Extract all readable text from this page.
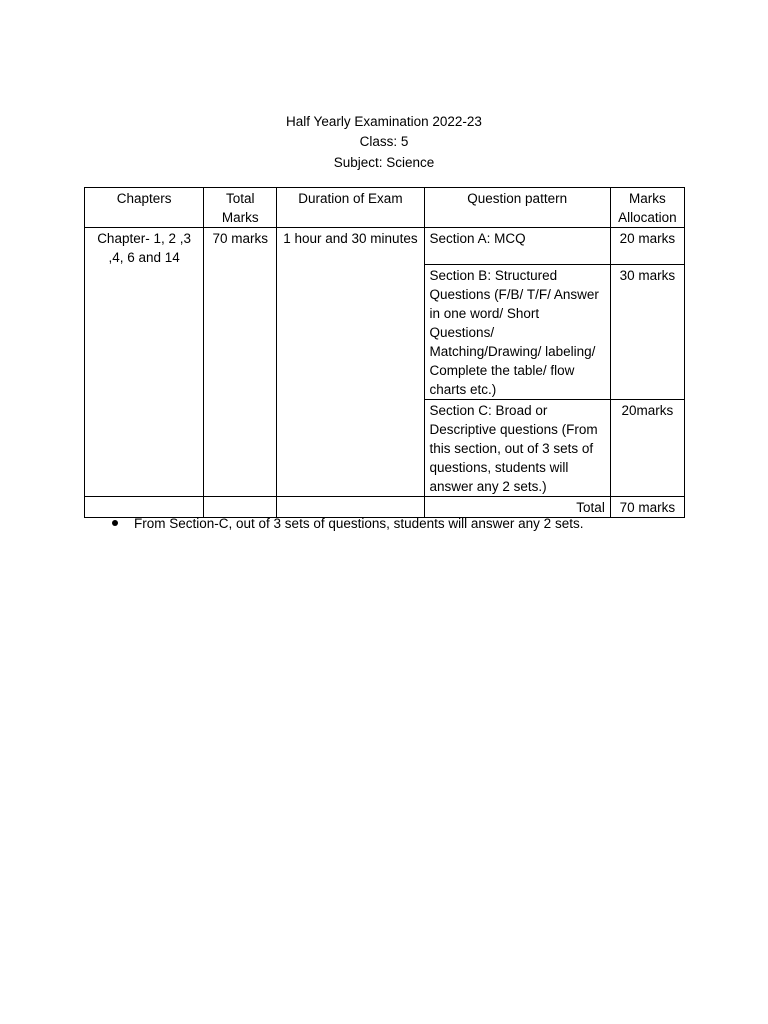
Half Yearly Examination 2022-23
Class: 5
Subject: Science
Chapters	Total Marks	Duration of Exam	Question pattern	Marks Allocation
Chapter- 1, 2 ,3 ,4, 6 and 14	70 marks	1 hour and 30 minutes	Section A: MCQ	20 marks
			Section B: Structured Questions (F/B/ T/F/ Answer in one word/ Short Questions/ Matching/Drawing/ labeling/ Complete the table/ flow charts etc.)	30 marks
			Section C: Broad or Descriptive questions (From this section, out of 3 sets of questions, students will answer any 2 sets.)	20marks
			Total	70 marks
From Section-C, out of 3 sets of questions, students will answer any 2 sets.
